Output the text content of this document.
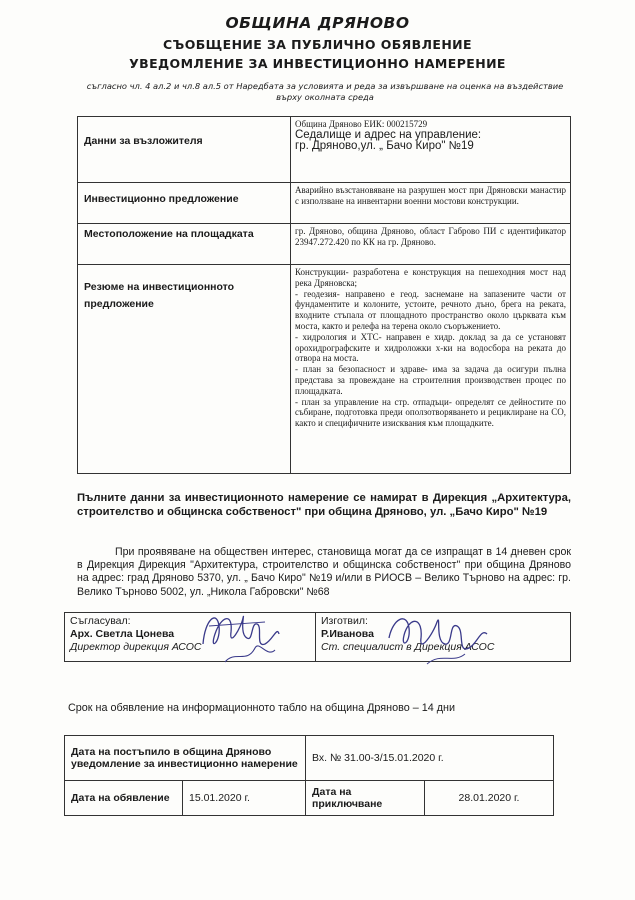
ОБЩИНА ДРЯНОВО
СЪОБЩЕНИЕ ЗА ПУБЛИЧНО ОБЯВЛЕНИЕ
УВЕДОМЛЕНИЕ ЗА ИНВЕСТИЦИОННО НАМЕРЕНИЕ
съгласно чл. 4 ал.2 и чл.8 ал.5 от Наредбата за условията и реда за извършване на оценка на въздействие върху околната среда
Данни за възложителя	Община Дряново ЕИК: 000215729
Седалище и адрес на управление:
гр. Дряново,ул. „ Бачо Киро" №19

Инвестиционно предложение	Аварийно възстановяване на разрушен мост при Дряновски манастир с използване на инвентарни военни мостови конструкции.
Местоположение на площадката	гр. Дряново, община Дряново, област Габрово ПИ с идентификатор 23947.272.420 по КК на гр. Дряново.
Резюме на инвестиционното предложение	Конструкции- разработена е конструкция на пешеходния мост над река Дряновска;
- геодезия- направено е геод. заснемане на запазените части от фундаментите и колоните, устоите, речното дъно, брега на реката, входните стъпала от площадното пространство около църквата към моста, както и релефа на терена около съоръжението.
- хидрология и ХТС- направен е хидр. доклад за да се установят орохидрографските и хидроложки х-ки на водосбора на реката до отвора на моста.
- план за безопасност и здраве- има за задача да осигури пълна представа за провеждане на строителния производствен процес по площадката.
- план за управление на стр. отпадъци- определят се дейностите по събиране, подготовка преди оползотворяването и рециклиране на СО, както и специфичните изисквания към площадките.
Пълните данни за инвестиционното намерение се намират в Дирекция „Архитектура, строителство и общинска собственост" при община Дряново, ул. „Бачо Киро" №19
При проявяване на обществен интерес, становища могат да се изпращат в 14 дневен срок в Дирекция Дирекция "Архитектура, строителство и общинска собственост" при община Дряново на адрес: град Дряново 5370, ул. „ Бачо Киро" №19 и/или в РИОСВ – Велико Търново на адрес: гр. Велико Търново 5002, ул. „Никола Габровски" №68
Съгласувал:
Арх. Светла Цонева
Директор дирекция АСОС

Изготвил:
Р.Иванова
Ст. специалист в Дирекция АСОС
Срок на обявление на информационното табло на община Дряново – 14 дни
Дата на постъпило в община Дряново уведомление за инвестиционно намерение		Вх. № 31.00-3/15.01.2020 г.	
Дата на обявление	15.01.2020 г.	Дата на приключване	28.01.2020 г.
